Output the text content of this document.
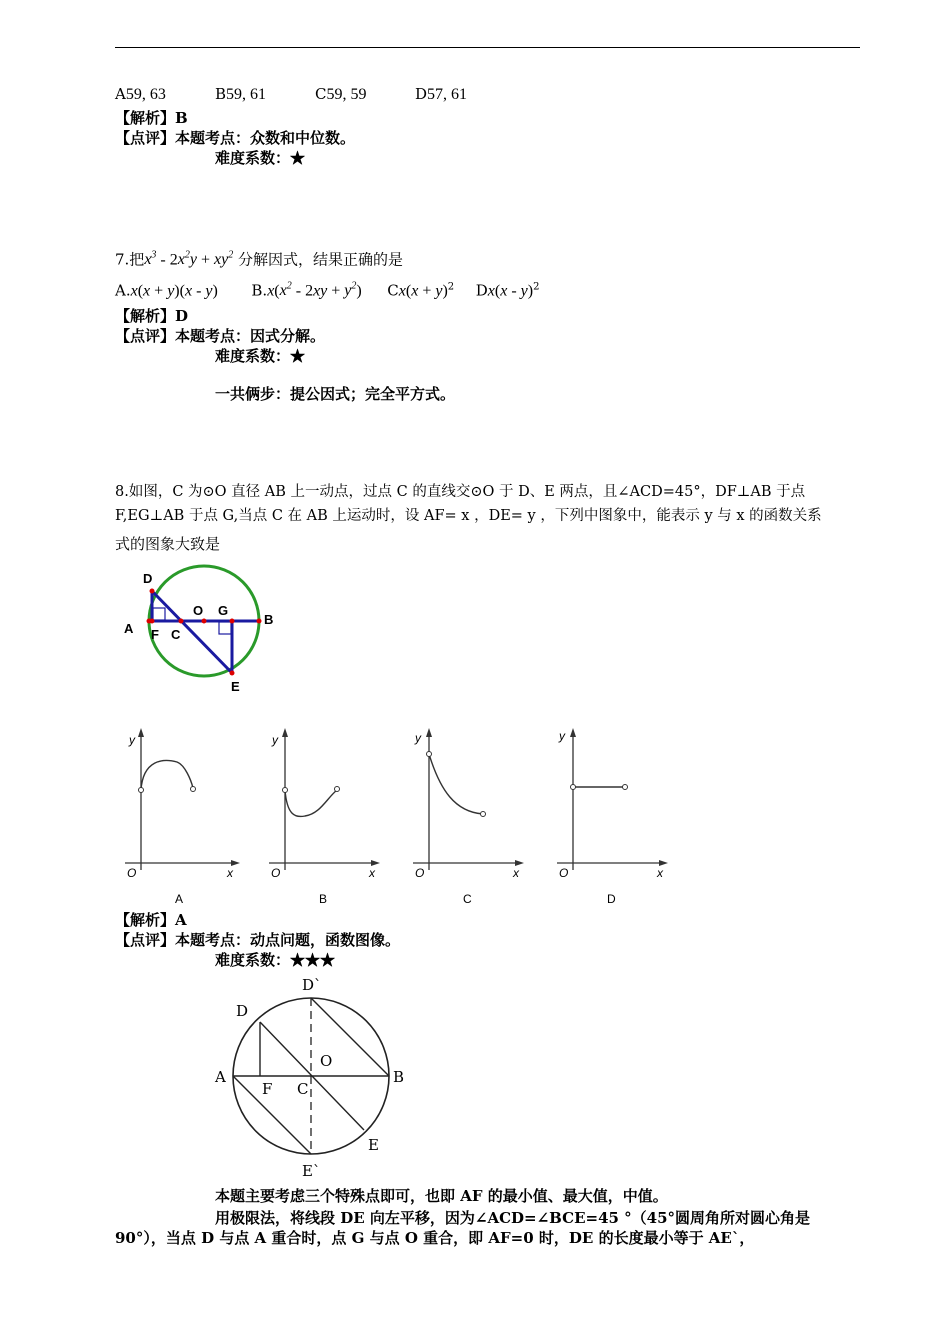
A59, 63	B59, 61	C59, 59	D57, 61
【解析】B
【点评】本题考点：众数和中位数。
难度系数：★
7.把$x^3 - 2x^2y + xy^2$ 分解因式，结果正确的是
A.x(x + y)(x - y) $B.x(x^2 - 2xy + y^2) Cx(x + y)^2$ Dx(x - y)$^2$
【解析】D
【点评】本题考点：因式分解。
难度系数：★
一共俩步：提公因式；完全平方式。
8.如图，C 为⊙O 直径 AB 上一动点，过点 C 的直线交⊙O 于 D、E 两点，且∠ACD=45°，DF⊥AB 于点
F,EG⊥AB 于点 G,当点 C 在 AB 上运动时，设 AF= x ，DE= y ，下列中图象中，能表示 y 与 x 的函数关系
式的图象大致是
D
O G
A
B
F C
E
y
O	x
A
y
O	x
B
y
O	x
C
y
O	x
D
【解析】A
【点评】本题考点：动点问题，函数图像。
难度系数：★★★
D`
D
O
A
F C
B
E
E`
本题主要考虑三个特殊点即可，也即 AF 的最小值、最大值，中值。
用极限法，将线段 DE 向左平移，因为∠ACD=∠BCE=45 °（45°圆周角所对圆心角是
90°），当点 D 与点 A 重合时，点 G 与点 O 重合，即 AF=0 时，DE 的长度最小等于 AE`，
